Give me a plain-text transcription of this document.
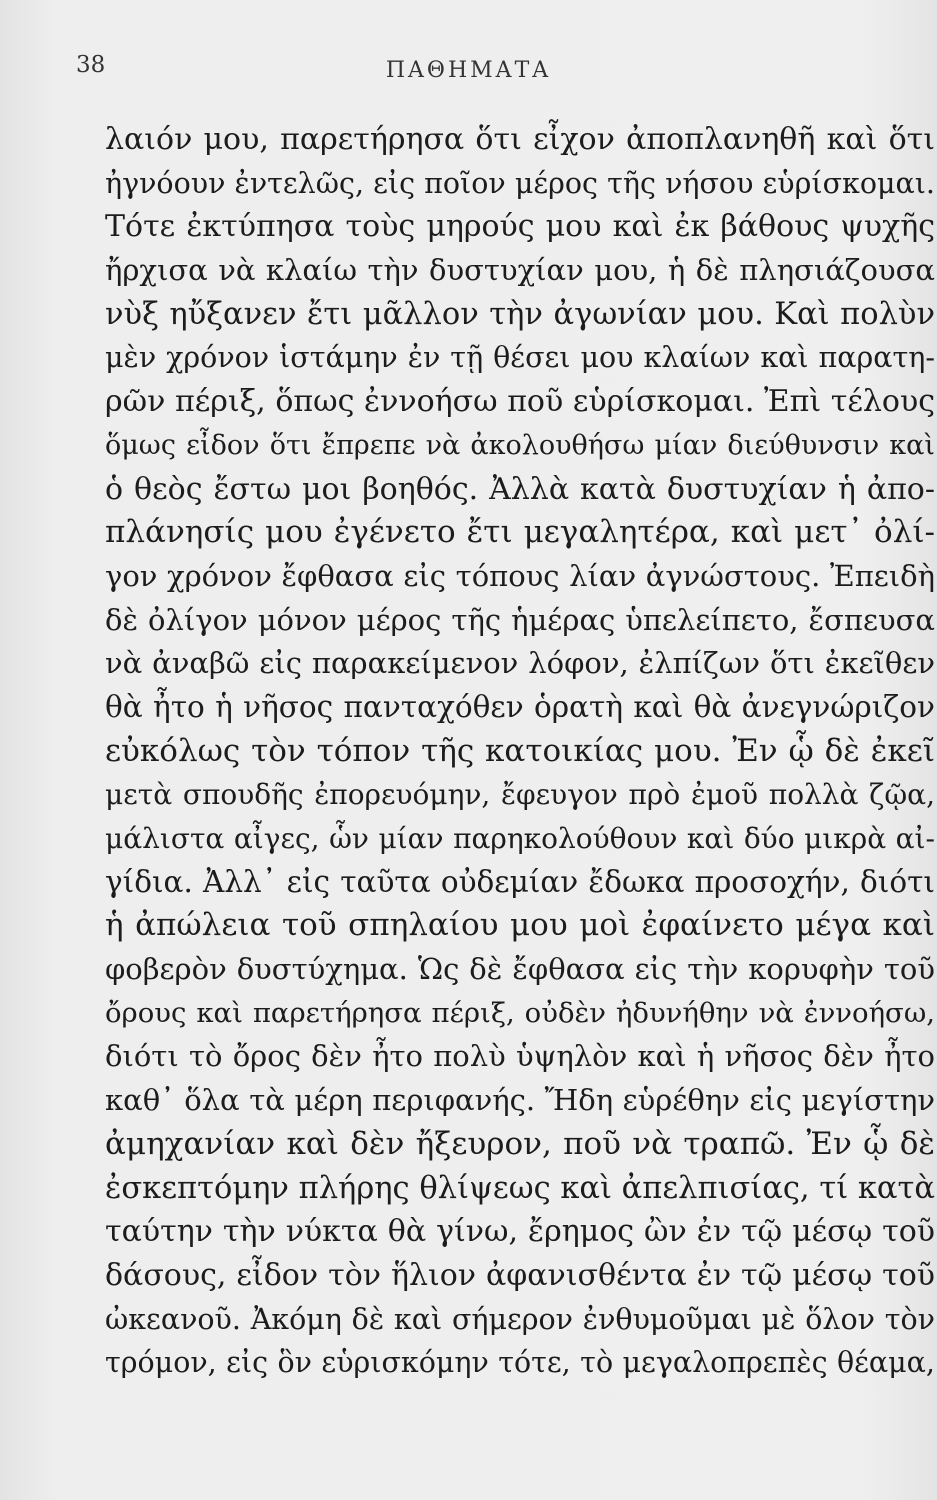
38	ΠΑΘΗΜΑΤΑ
λαιόν μου, παρετήρησα ὅτι εἶχον ἀποπλανηθῆ καὶ ὅτι
ἠγνόουν ἐντελῶς, εἰς ποῖον μέρος τῆς νήσου εὑρίσκομαι.
Τότε ἐκτύπησα τοὺς μηρούς μου καὶ ἐκ βάθους ψυχῆς
ἤρχισα νὰ κλαίω τὴν δυστυχίαν μου, ἡ δὲ πλησιάζουσα
νὺξ ηὔξανεν ἔτι μᾶλλον τὴν ἀγωνίαν μου. Καὶ πολὺν
μὲν χρόνον ἱστάμην ἐν τῇ θέσει μου κλαίων καὶ παρατη-
ρῶν πέριξ, ὅπως ἐννοήσω ποῦ εὑρίσκομαι. Ἐπὶ τέλους
ὅμως εἶδον ὅτι ἔπρεπε νὰ ἀκολουθήσω μίαν διεύθυνσιν καὶ
ὁ θεὸς ἔστω μοι βοηθός. Ἀλλὰ κατὰ δυστυχίαν ἡ ἀπο-
πλάνησίς μου ἐγένετο ἔτι μεγαλητέρα, καὶ μετ᾽ ὀλί-
γον χρόνον ἔφθασα εἰς τόπους λίαν ἀγνώστους. Ἐπειδὴ
δὲ ὀλίγον μόνον μέρος τῆς ἡμέρας ὑπελείπετο, ἔσπευσα
νὰ ἀναβῶ εἰς παρακείμενον λόφον, ἐλπίζων ὅτι ἐκεῖθεν
θὰ ἦτο ἡ νῆσος πανταχόθεν ὁρατὴ καὶ θὰ ἀνεγνώριζον
εὐκόλως τὸν τόπον τῆς κατοικίας μου. Ἐν ᾧ δὲ ἐκεῖ
μετὰ σπουδῆς ἐπορευόμην, ἔφευγον πρὸ ἐμοῦ πολλὰ ζῷα,
μάλιστα αἶγες, ὧν μίαν παρηκολούθουν καὶ δύο μικρὰ αἰ-
γίδια. Ἀλλ᾽ εἰς ταῦτα οὐδεμίαν ἔδωκα προσοχήν, διότι
ἡ ἀπώλεια τοῦ σπηλαίου μου μοὶ ἐφαίνετο μέγα καὶ
φοβερὸν δυστύχημα. Ὡς δὲ ἔφθασα εἰς τὴν κορυφὴν τοῦ
ὄρους καὶ παρετήρησα πέριξ, οὐδὲν ἠδυνήθην νὰ ἐννοήσω,
διότι τὸ ὄρος δὲν ἦτο πολὺ ὑψηλὸν καὶ ἡ νῆσος δὲν ἦτο
καθ᾽ ὅλα τὰ μέρη περιφανής. Ἤδη εὑρέθην εἰς μεγίστην
ἀμηχανίαν καὶ δὲν ἤξευρον, ποῦ νὰ τραπῶ. Ἐν ᾧ δὲ
ἐσκεπτόμην πλήρης θλίψεως καὶ ἀπελπισίας, τί κατὰ
ταύτην τὴν νύκτα θὰ γίνω, ἔρημος ὢν ἐν τῷ μέσῳ τοῦ
δάσους, εἶδον τὸν ἥλιον ἀφανισθέντα ἐν τῷ μέσῳ τοῦ
ὠκεανοῦ. Ἀκόμη δὲ καὶ σήμερον ἐνθυμοῦμαι μὲ ὅλον τὸν
τρόμον, εἰς ὃν εὑρισκόμην τότε, τὸ μεγαλοπρεπὲς θέαμα,
